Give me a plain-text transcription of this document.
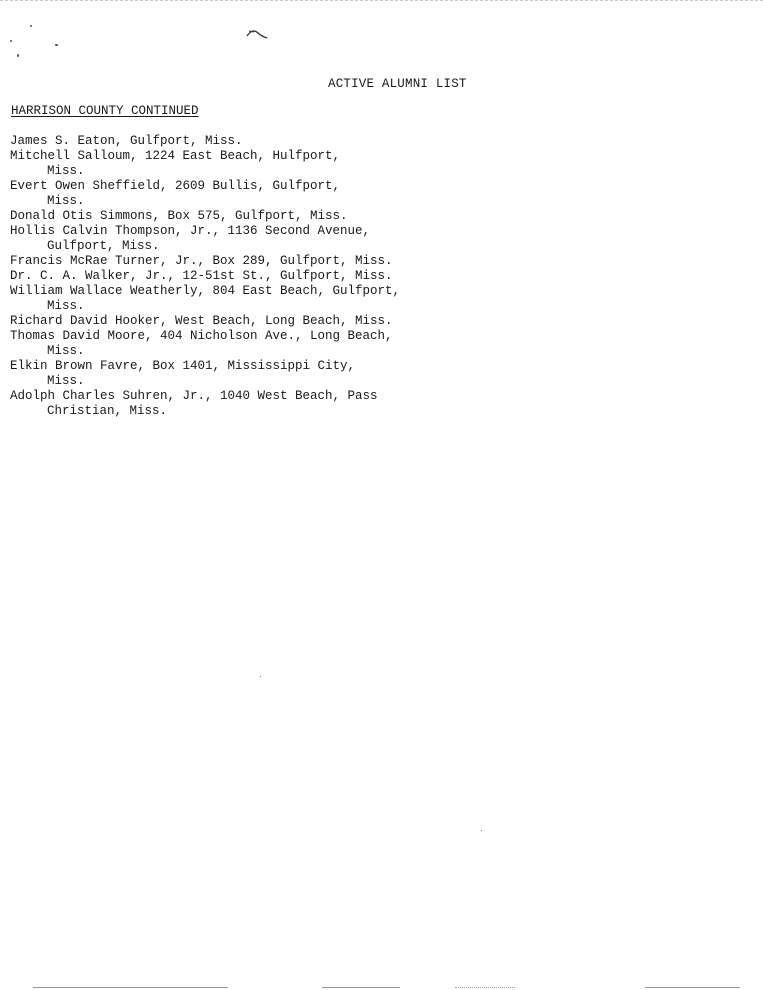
ACTIVE ALUMNI LIST
HARRISON COUNTY CONTINUED
James S. Eaton, Gulfport, Miss.
Mitchell Salloum, 1224 East Beach, Hulfport,
Miss.
Evert Owen Sheffield, 2609 Bullis, Gulfport,
Miss.
Donald Otis Simmons, Box 575, Gulfport, Miss.
Hollis Calvin Thompson, Jr., 1136 Second Avenue,
Gulfport, Miss.
Francis McRae Turner, Jr., Box 289, Gulfport, Miss.
Dr. C. A. Walker, Jr., 12-51st St., Gulfport, Miss.
William Wallace Weatherly, 804 East Beach, Gulfport,
Miss.
Richard David Hooker, West Beach, Long Beach, Miss.
Thomas David Moore, 404 Nicholson Ave., Long Beach,
Miss.
Elkin Brown Favre, Box 1401, Mississippi City,
Miss.
Adolph Charles Suhren, Jr., 1040 West Beach, Pass
Christian, Miss.
